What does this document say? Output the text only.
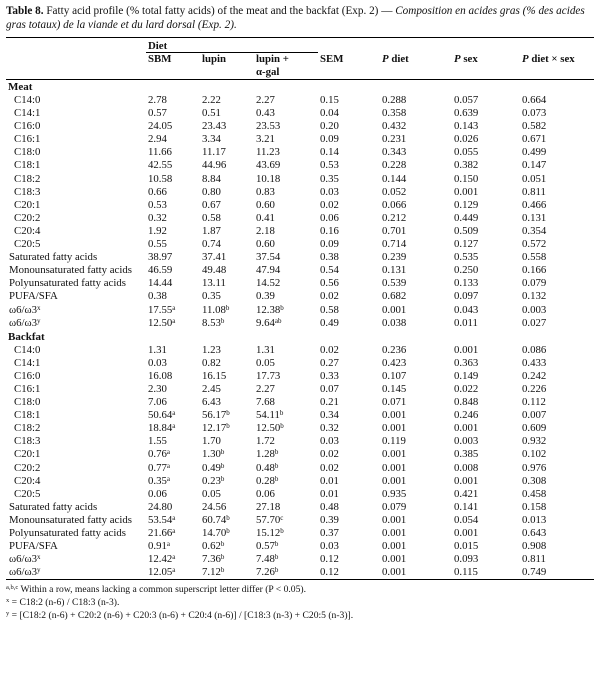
Table 8. Fatty acid profile (% total fatty acids) of the meat and the backfat (Exp. 2) — Composition en acides gras (% des acides gras totaux) de la viande et du lard dorsal (Exp. 2).

	Diet						
	SBM	lupin	lupin +
α-gal	SEM	P diet	P sex	P diet × sex
Meat							
C14:0	2.78	2.22	2.27	0.15	0.288	0.057	0.664
C14:1	0.57	0.51	0.43	0.04	0.358	0.639	0.073
C16:0	24.05	23.43	23.53	0.20	0.432	0.143	0.582
C16:1	2.94	3.34	3.21	0.09	0.231	0.026	0.671
C18:0	11.66	11.17	11.23	0.14	0.343	0.055	0.499
C18:1	42.55	44.96	43.69	0.53	0.228	0.382	0.147
C18:2	10.58	8.84	10.18	0.35	0.144	0.150	0.051
C18:3	0.66	0.80	0.83	0.03	0.052	0.001	0.811
C20:1	0.53	0.67	0.60	0.02	0.066	0.129	0.466
C20:2	0.32	0.58	0.41	0.06	0.212	0.449	0.131
C20:4	1.92	1.87	2.18	0.16	0.701	0.509	0.354
C20:5	0.55	0.74	0.60	0.09	0.714	0.127	0.572
Saturated fatty acids	38.97	37.41	37.54	0.38	0.239	0.535	0.558
Monounsaturated fatty acids	46.59	49.48	47.94	0.54	0.131	0.250	0.166
Polyunsaturated fatty acids	14.44	13.11	14.52	0.56	0.539	0.133	0.079
PUFA/SFA	0.38	0.35	0.39	0.02	0.682	0.097	0.132
ω6/ω3$^x$	17.55$^a$	11.08$^b$	12.38$^b$	0.58	0.001	0.043	0.003
ω6/ω3$^y$	12.50$^a$	8.53$^b$	9.64$^{ab}$	0.49	0.038	0.011	0.027
Backfat							
C14:0	1.31	1.23	1.31	0.02	0.236	0.001	0.086
C14:1	0.03	0.82	0.05	0.27	0.423	0.363	0.433
C16:0	16.08	16.15	17.73	0.33	0.107	0.149	0.242
C16:1	2.30	2.45	2.27	0.07	0.145	0.022	0.226
C18:0	7.06	6.43	7.68	0.21	0.071	0.848	0.112
C18:1	50.64$^a$	56.17$^b$	54.11$^b$	0.34	0.001	0.246	0.007
C18:2	18.84$^a$	12.17$^b$	12.50$^b$	0.32	0.001	0.001	0.609
C18:3	1.55	1.70	1.72	0.03	0.119	0.003	0.932
C20:1	0.76$^a$	1.30$^b$	1.28$^b$	0.02	0.001	0.385	0.102
C20:2	0.77$^a$	0.49$^b$	0.48$^b$	0.02	0.001	0.008	0.976
C20:4	0.35$^a$	0.23$^b$	0.28$^b$	0.01	0.001	0.001	0.308
C20:5	0.06	0.05	0.06	0.01	0.935	0.421	0.458
Saturated fatty acids	24.80	24.56	27.18	0.48	0.079	0.141	0.158
Monounsaturated fatty acids	53.54$^a$	60.74$^b$	57.70$^c$	0.39	0.001	0.054	0.013
Polyunsaturated fatty acids	21.66$^a$	14.70$^b$	15.12$^b$	0.37	0.001	0.001	0.643
PUFA/SFA	0.91$^a$	0.62$^b$	0.57$^b$	0.03	0.001	0.015	0.908
ω6/ω3$^x$	12.42$^a$	7.36$^b$	7.48$^b$	0.12	0.001	0.093	0.811
ω6/ω3$^y$	12.05$^a$	7.12$^b$	7.26$^b$	0.12	0.001	0.115	0.749
$^{a,b,c}$ Within a row, means lacking a common superscript letter differ (P < 0.05).
$^x$ = C18:2 (n-6) / C18:3 (n-3).
$^y$ = [C18:2 (n-6) + C20:2 (n-6) + C20:3 (n-6) + C20:4 (n-6)] / [C18:3 (n-3) + C20:5 (n-3)].
